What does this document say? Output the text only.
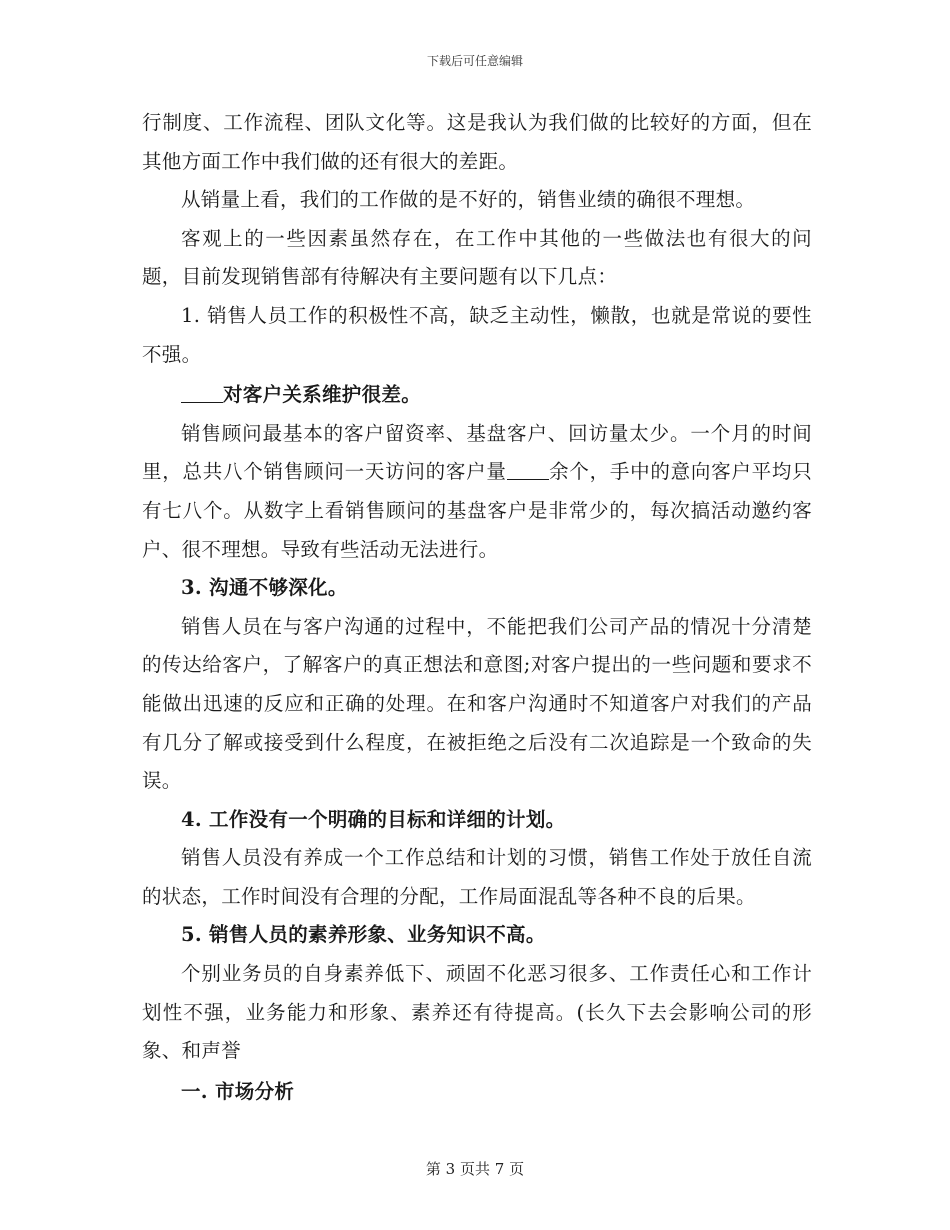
下载后可任意编辑

行制度、工作流程、团队文化等。这是我认为我们做的比较好的方面，但在其他方面工作中我们做的还有很大的差距。

从销量上看，我们的工作做的是不好的，销售业绩的确很不理想。

客观上的一些因素虽然存在，在工作中其他的一些做法也有很大的问题，目前发现销售部有待解决有主要问题有以下几点：

1. 销售人员工作的积极性不高，缺乏主动性，懒散，也就是常说的要性不强。

对客户关系维护很差。

销售顾问最基本的客户留资率、基盘客户、回访量太少。一个月的时间里，总共八个销售顾问一天访问的客户量 余个，手中的意向客户平均只有七八个。从数字上看销售顾问的基盘客户是非常少的，每次搞活动邀约客户、很不理想。导致有些活动无法进行。

3. 沟通不够深化。

销售人员在与客户沟通的过程中，不能把我们公司产品的情况十分清楚的传达给客户，了解客户的真正想法和意图;对客户提出的一些问题和要求不能做出迅速的反应和正确的处理。在和客户沟通时不知道客户对我们的产品有几分了解或接受到什么程度，在被拒绝之后没有二次追踪是一个致命的失误。

4. 工作没有一个明确的目标和详细的计划。

销售人员没有养成一个工作总结和计划的习惯，销售工作处于放任自流的状态，工作时间没有合理的分配，工作局面混乱等各种不良的后果。

5. 销售人员的素养形象、业务知识不高。

个别业务员的自身素养低下、顽固不化恶习很多、工作责任心和工作计划性不强，业务能力和形象、素养还有待提高。(长久下去会影响公司的形象、和声誉

一. 市场分析

第 3 页共 7 页
